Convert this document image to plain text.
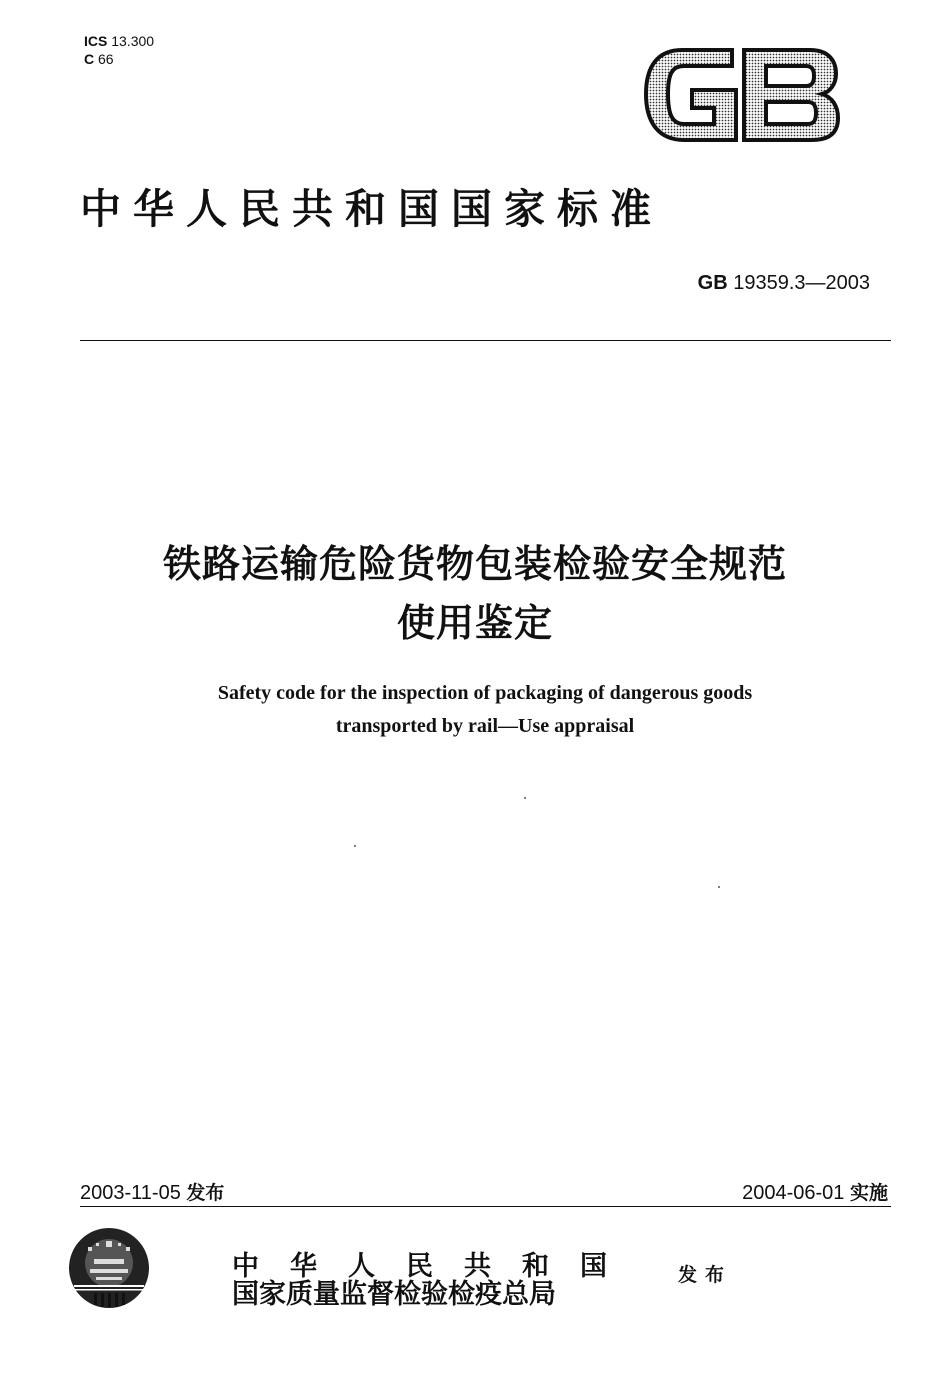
ICS 13.300
C 66
GB
中华人民共和国国家标准
GB 19359.3—2003
铁路运输危险货物包装检验安全规范
使用鉴定
Safety code for the inspection of packaging of dangerous goods
transported by rail—Use appraisal
2003-11-05 发布	2004-06-01 实施
中华人民共和国
国家质量监督检验检疫总局
发布
